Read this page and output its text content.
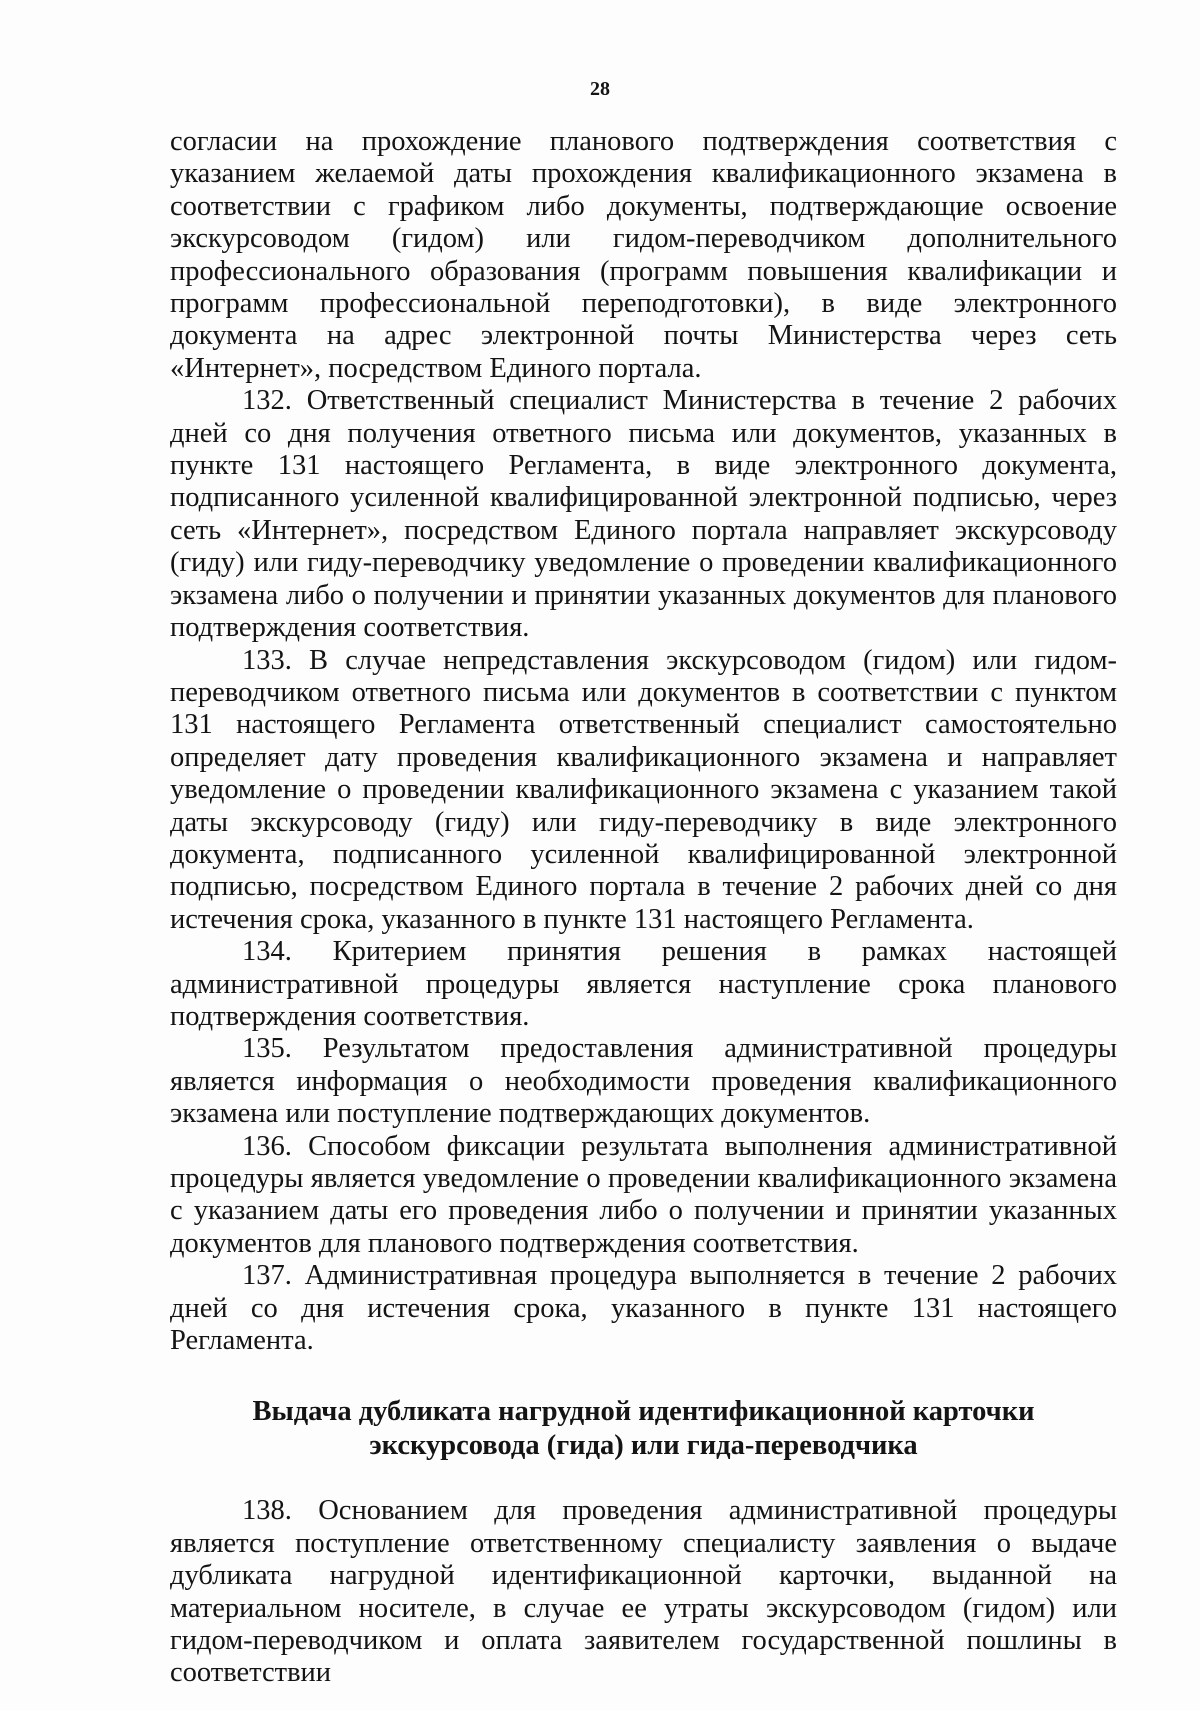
28

согласии на прохождение планового подтверждения соответствия с указанием желаемой даты прохождения квалификационного экзамена в соответствии с графиком либо документы, подтверждающие освоение экскурсоводом (гидом) или гидом-переводчиком дополнительного профессионального образования (программ повышения квалификации и программ профессиональной переподготовки), в виде электронного документа на адрес электронной почты Министерства через сеть «Интернет», посредством Единого портала.

132. Ответственный специалист Министерства в течение 2 рабочих дней со дня получения ответного письма или документов, указанных в пункте 131 настоящего Регламента, в виде электронного документа, подписанного усиленной квалифицированной электронной подписью, через сеть «Интернет», посредством Единого портала направляет экскурсоводу (гиду) или гиду-переводчику уведомление о проведении квалификационного экзамена либо о получении и принятии указанных документов для планового подтверждения соответствия.

133. В случае непредставления экскурсоводом (гидом) или гидом-переводчиком ответного письма или документов в соответствии с пунктом 131 настоящего Регламента ответственный специалист самостоятельно определяет дату проведения квалификационного экзамена и направляет уведомление о проведении квалификационного экзамена с указанием такой даты экскурсоводу (гиду) или гиду-переводчику в виде электронного документа, подписанного усиленной квалифицированной электронной подписью, посредством Единого портала в течение 2 рабочих дней со дня истечения срока, указанного в пункте 131 настоящего Регламента.

134. Критерием принятия решения в рамках настоящей административной процедуры является наступление срока планового подтверждения соответствия.

135. Результатом предоставления административной процедуры является информация о необходимости проведения квалификационного экзамена или поступление подтверждающих документов.

136. Способом фиксации результата выполнения административной процедуры является уведомление о проведении квалификационного экзамена с указанием даты его проведения либо о получении и принятии указанных документов для планового подтверждения соответствия.

137. Административная процедура выполняется в течение 2 рабочих дней со дня истечения срока, указанного в пункте 131 настоящего Регламента.

Выдача дубликата нагрудной идентификационной карточки
экскурсовода (гида) или гида-переводчика

138. Основанием для проведения административной процедуры является поступление ответственному специалисту заявления о выдаче дубликата нагрудной идентификационной карточки, выданной на материальном носителе, в случае ее утраты экскурсоводом (гидом) или гидом-переводчиком и оплата заявителем государственной пошлины в соответствии
